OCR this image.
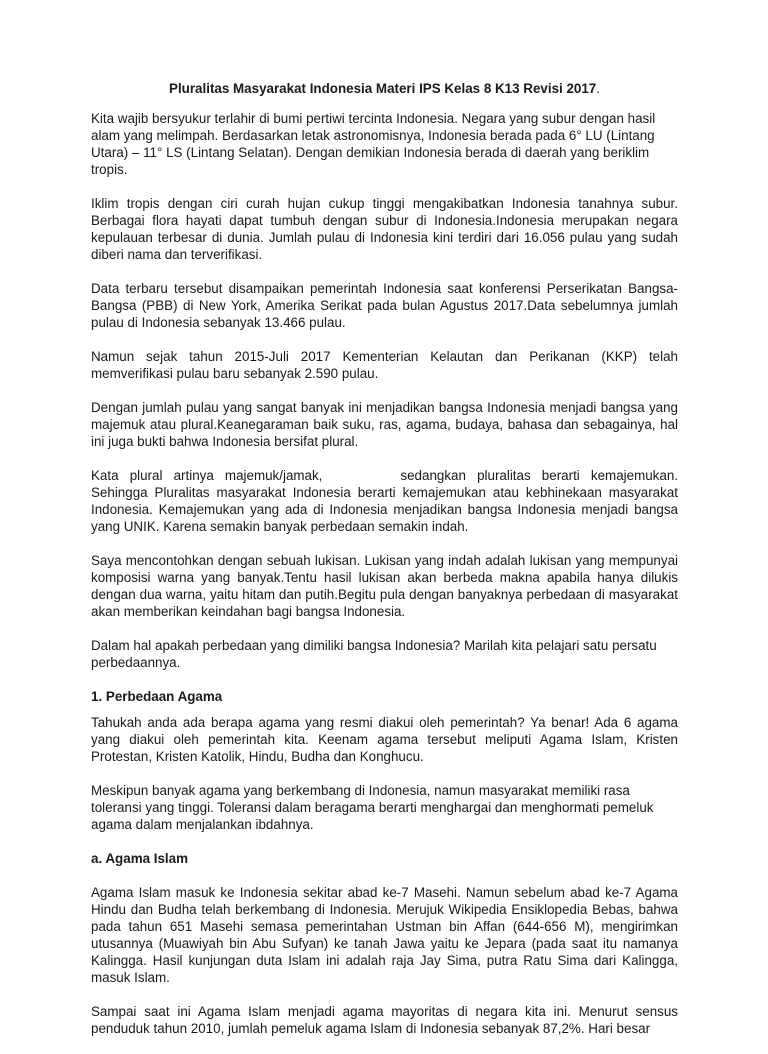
Pluralitas Masyarakat Indonesia Materi IPS Kelas 8 K13 Revisi 2017.

Kita wajib bersyukur terlahir di bumi pertiwi tercinta Indonesia. Negara yang subur dengan hasil alam yang melimpah. Berdasarkan letak astronomisnya, Indonesia berada pada 6° LU (Lintang Utara) – 11° LS (Lintang Selatan). Dengan demikian Indonesia berada di daerah yang beriklim tropis.

Iklim tropis dengan ciri curah hujan cukup tinggi mengakibatkan Indonesia tanahnya subur. Berbagai flora hayati dapat tumbuh dengan subur di Indonesia.Indonesia merupakan negara kepulauan terbesar di dunia. Jumlah pulau di Indonesia kini terdiri dari 16.056 pulau yang sudah diberi nama dan terverifikasi.

Data terbaru tersebut disampaikan pemerintah Indonesia saat konferensi Perserikatan Bangsa-Bangsa (PBB) di New York, Amerika Serikat pada bulan Agustus 2017.Data sebelumnya jumlah pulau di Indonesia sebanyak 13.466 pulau.

Namun sejak tahun 2015-Juli 2017 Kementerian Kelautan dan Perikanan (KKP) telah memverifikasi pulau baru sebanyak 2.590 pulau.

Dengan jumlah pulau yang sangat banyak ini menjadikan bangsa Indonesia menjadi bangsa yang majemuk atau plural.Keanegaraman baik suku, ras, agama, budaya, bahasa dan sebagainya, hal ini juga bukti bahwa Indonesia bersifat plural.

Kata plural artinya majemuk/jamak,	sedangkan pluralitas berarti kemajemukan. Sehingga Pluralitas masyarakat Indonesia berarti kemajemukan atau kebhinekaan masyarakat Indonesia. Kemajemukan yang ada di Indonesia menjadikan bangsa Indonesia menjadi bangsa yang UNIK. Karena semakin banyak perbedaan semakin indah.

Saya mencontohkan dengan sebuah lukisan. Lukisan yang indah adalah lukisan yang mempunyai komposisi warna yang banyak.Tentu hasil lukisan akan berbeda makna apabila hanya dilukis dengan dua warna, yaitu hitam dan putih.Begitu pula dengan banyaknya perbedaan di masyarakat akan memberikan keindahan bagi bangsa Indonesia.

Dalam hal apakah perbedaan yang dimiliki bangsa Indonesia? Marilah kita pelajari satu persatu perbedaannya.

1. Perbedaan Agama

Tahukah anda ada berapa agama yang resmi diakui oleh pemerintah? Ya benar! Ada 6 agama yang diakui oleh pemerintah kita. Keenam agama tersebut meliputi Agama Islam, Kristen Protestan, Kristen Katolik, Hindu, Budha dan Konghucu.

Meskipun banyak agama yang berkembang di Indonesia, namun masyarakat memiliki rasa toleransi yang tinggi. Toleransi dalam beragama berarti menghargai dan menghormati pemeluk agama dalam menjalankan ibdahnya.

a. Agama Islam

Agama Islam masuk ke Indonesia sekitar abad ke-7 Masehi. Namun sebelum abad ke-7 Agama Hindu dan Budha telah berkembang di Indonesia. Merujuk Wikipedia Ensiklopedia Bebas, bahwa pada tahun 651 Masehi semasa pemerintahan Ustman bin Affan (644-656 M), mengirimkan utusannya (Muawiyah bin Abu Sufyan) ke tanah Jawa yaitu ke Jepara (pada saat itu namanya Kalingga. Hasil kunjungan duta Islam ini adalah raja Jay Sima, putra Ratu Sima dari Kalingga, masuk Islam.

Sampai saat ini Agama Islam menjadi agama mayoritas di negara kita ini. Menurut sensus penduduk tahun 2010, jumlah pemeluk agama Islam di Indonesia sebanyak 87,2%. Hari besar
